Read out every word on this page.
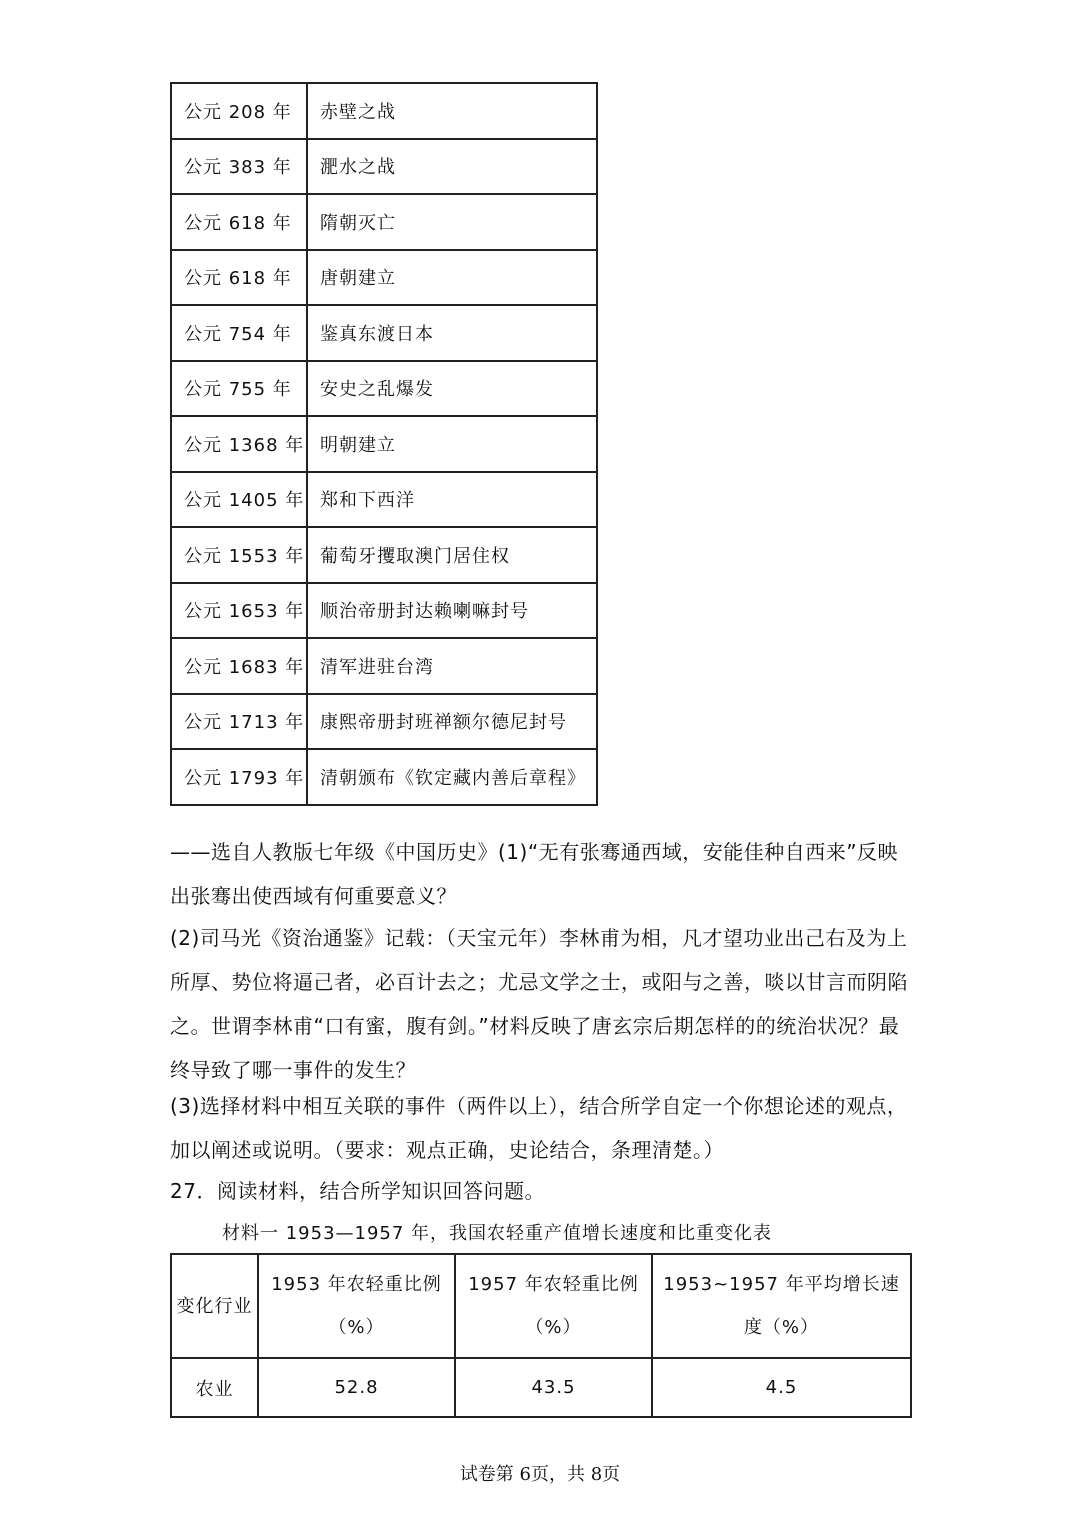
公元 208 年	赤壁之战
公元 383 年	淝水之战
公元 618 年	隋朝灭亡
公元 618 年	唐朝建立
公元 754 年	鉴真东渡日本
公元 755 年	安史之乱爆发
公元 1368 年	明朝建立
公元 1405 年	郑和下西洋
公元 1553 年	葡萄牙攫取澳门居住权
公元 1653 年	顺治帝册封达赖喇嘛封号
公元 1683 年	清军进驻台湾
公元 1713 年	康熙帝册封班禅额尔德尼封号
公元 1793 年	清朝颁布《钦定藏内善后章程》
——选自人教版七年级《中国历史》(1)“无有张骞通西域，安能佳种自西来”反映出张骞出使西域有何重要意义？
(2)司马光《资治通鉴》记载：（天宝元年）李林甫为相，凡才望功业出己右及为上所厚、势位将逼己者，必百计去之；尤忌文学之士，或阳与之善，啖以甘言而阴陷之。世谓李林甫“口有蜜，腹有剑。”材料反映了唐玄宗后期怎样的的统治状况？最终导致了哪一事件的发生？
(3)选择材料中相互关联的事件（两件以上），结合所学自定一个你想论述的观点，加以阐述或说明。（要求：观点正确，史论结合，条理清楚。）
27．阅读材料，结合所学知识回答问题。
材料一 1953—1957 年，我国农轻重产值增长速度和比重变化表
变化行业	1953 年农轻重比例（%）	1957 年农轻重比例（%）	1953~1957 年平均增长速度（%）
农业	52.8	43.5	4.5
试卷第 6页，共 8页
